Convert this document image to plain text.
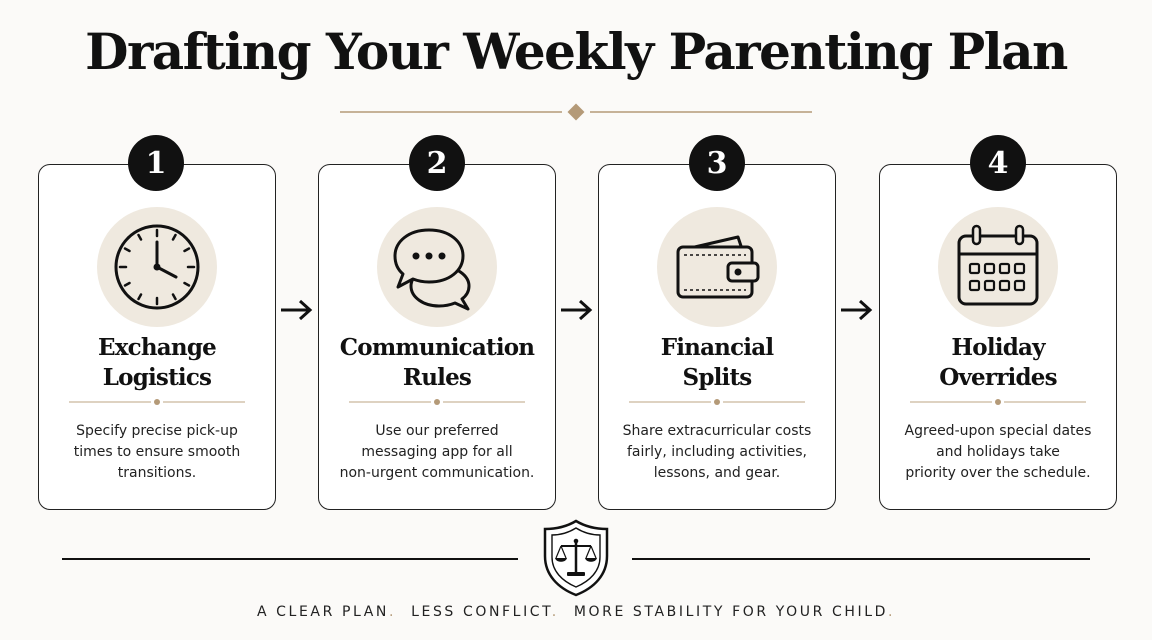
Drafting Your Weekly Parenting Plan
Exchange
Logistics
Specify precise pick-up
times to ensure smooth
transitions.
1
Communication
Rules
Use our preferred
messaging app for all
non-urgent communication.
2
Financial
Splits
Share extracurricular costs
fairly, including activities,
lessons, and gear.
3
Holiday
Overrides
Agreed-upon special dates
and holidays take
priority over the schedule.
4
A CLEAR PLAN. LESS CONFLICT. MORE STABILITY FOR YOUR CHILD.
